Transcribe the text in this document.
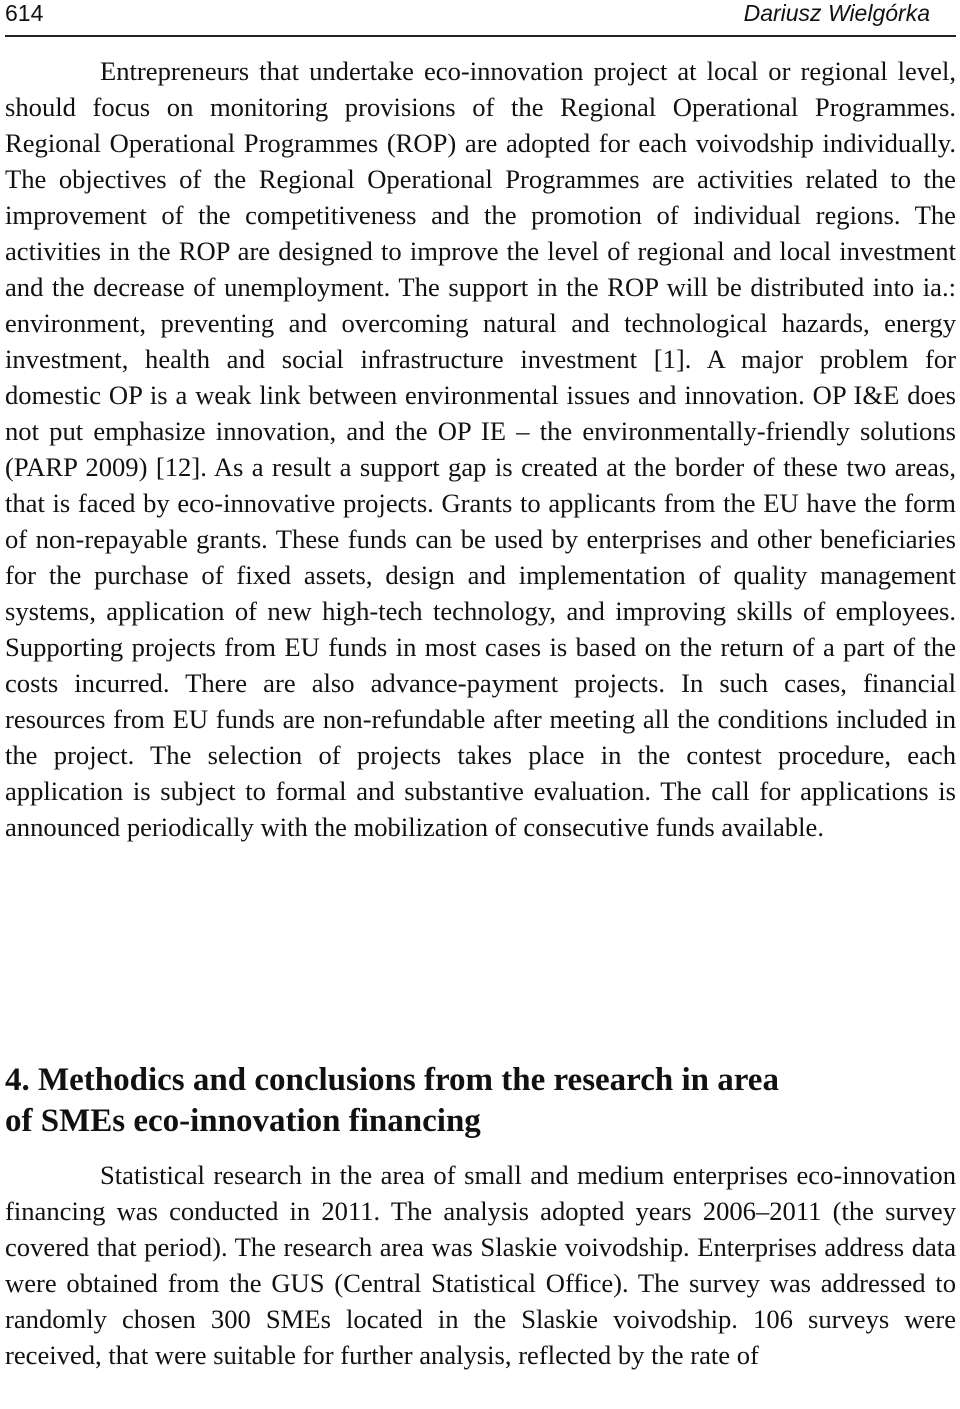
614	Dariusz Wielgórka

Entrepreneurs that undertake eco-innovation project at local or regional level, should focus on monitoring provisions of the Regional Operational Programmes. Regional Operational Programmes (ROP) are adopted for each voivodship individually. The objectives of the Regional Operational Programmes are activities related to the improvement of the competitiveness and the promotion of individual regions. The activities in the ROP are designed to improve the level of regional and local investment and the decrease of unemployment. The support in the ROP will be distributed into ia.: environment, preventing and overcoming natural and technological hazards, energy investment, health and social infrastructure investment [1]. A major problem for domestic OP is a weak link between environmental issues and innovation. OP I&E does not put emphasize innovation, and the OP IE – the environmentally-friendly solutions (PARP 2009) [12]. As a result a support gap is created at the border of these two areas, that is faced by eco-innovative projects. Grants to applicants from the EU have the form of non-repayable grants. These funds can be used by enterprises and other beneficiaries for the purchase of fixed assets, design and implementation of quality management systems, application of new high-tech technology, and improving skills of employees. Supporting projects from EU funds in most cases is based on the return of a part of the costs incurred. There are also advance-payment projects. In such cases, financial resources from EU funds are non-refundable after meeting all the conditions included in the project. The selection of projects takes place in the contest procedure, each application is subject to formal and substantive evaluation. The call for applications is announced periodically with the mobilization of consecutive funds available.

4. Methodics and conclusions from the research in area
of SMEs eco-innovation financing

Statistical research in the area of small and medium enterprises eco-innovation financing was conducted in 2011. The analysis adopted years 2006–2011 (the survey covered that period). The research area was Slaskie voivodship. Enterprises address data were obtained from the GUS (Central Statistical Office). The survey was addressed to randomly chosen 300 SMEs located in the Slaskie voivodship. 106 surveys were received, that were suitable for further analysis, reflected by the rate of
